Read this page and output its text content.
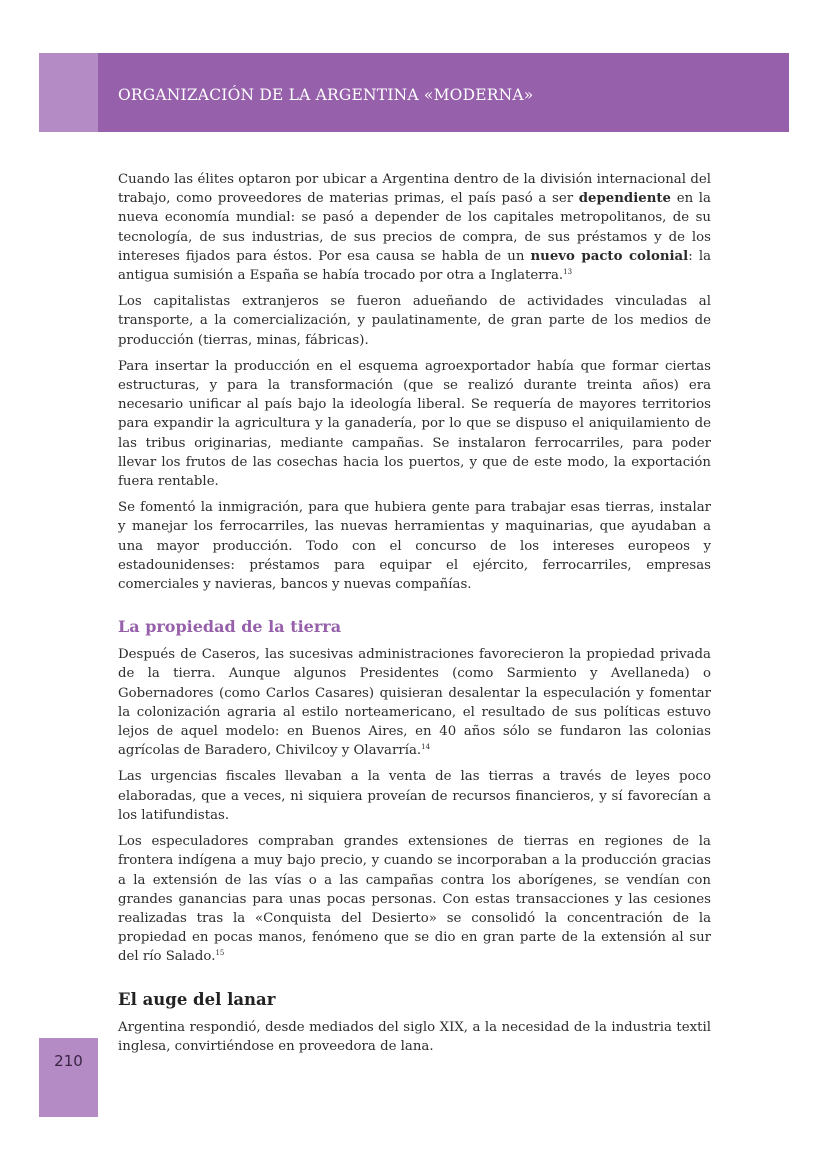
ORGANIZACIÓN DE LA ARGENTINA «MODERNA»

Cuando las élites optaron por ubicar a Argentina dentro de la división internacional del trabajo, como proveedores de materias primas, el país pasó a ser dependiente en la nueva economía mundial: se pasó a depender de los capitales metropolitanos, de su tecnología, de sus industrias, de sus precios de compra, de sus préstamos y de los intereses fijados para éstos. Por esa causa se habla de un nuevo pacto colonial: la antigua sumisión a España se había trocado por otra a Inglaterra.$^{13}$

Los capitalistas extranjeros se fueron adueñando de actividades vinculadas al transporte, a la comercialización, y paulatinamente, de gran parte de los medios de producción (tierras, minas, fábricas).

Para insertar la producción en el esquema agroexportador había que formar ciertas estructuras, y para la transformación (que se realizó durante treinta años) era necesario unificar al país bajo la ideología liberal. Se requería de mayores territorios para expandir la agricultura y la ganadería, por lo que se dispuso el aniquilamiento de las tribus originarias, mediante campañas. Se instalaron ferrocarriles, para poder llevar los frutos de las cosechas hacia los puertos, y que de este modo, la exportación fuera rentable.

Se fomentó la inmigración, para que hubiera gente para trabajar esas tierras, instalar y manejar los ferrocarriles, las nuevas herramientas y maquinarias, que ayudaban a una mayor producción. Todo con el concurso de los intereses europeos y estadounidenses: préstamos para equipar el ejército, ferrocarriles, empresas comerciales y navieras, bancos y nuevas compañías.

La propiedad de la tierra

Después de Caseros, las sucesivas administraciones favorecieron la propiedad privada de la tierra. Aunque algunos Presidentes (como Sarmiento y Avellaneda) o Gobernadores (como Carlos Casares) quisieran desalentar la especulación y fomentar la colonización agraria al estilo norteamericano, el resultado de sus políticas estuvo lejos de aquel modelo: en Buenos Aires, en 40 años sólo se fundaron las colonias agrícolas de Baradero, Chivilcoy y Olavarría.$^{14}$

Las urgencias fiscales llevaban a la venta de las tierras a través de leyes poco elaboradas, que a veces, ni siquiera proveían de recursos financieros, y sí favorecían a los latifundistas.

Los especuladores compraban grandes extensiones de tierras en regiones de la frontera indígena a muy bajo precio, y cuando se incorporaban a la producción gracias a la extensión de las vías o a las campañas contra los aborígenes, se vendían con grandes ganancias para unas pocas personas. Con estas transacciones y las cesiones realizadas tras la «Conquista del Desierto» se consolidó la concentración de la propiedad en pocas manos, fenómeno que se dio en gran parte de la extensión al sur del río Salado.$^{15}$

El auge del lanar

Argentina respondió, desde mediados del siglo XIX, a la necesidad de la industria textil inglesa, convirtiéndose en proveedora de lana.

210
